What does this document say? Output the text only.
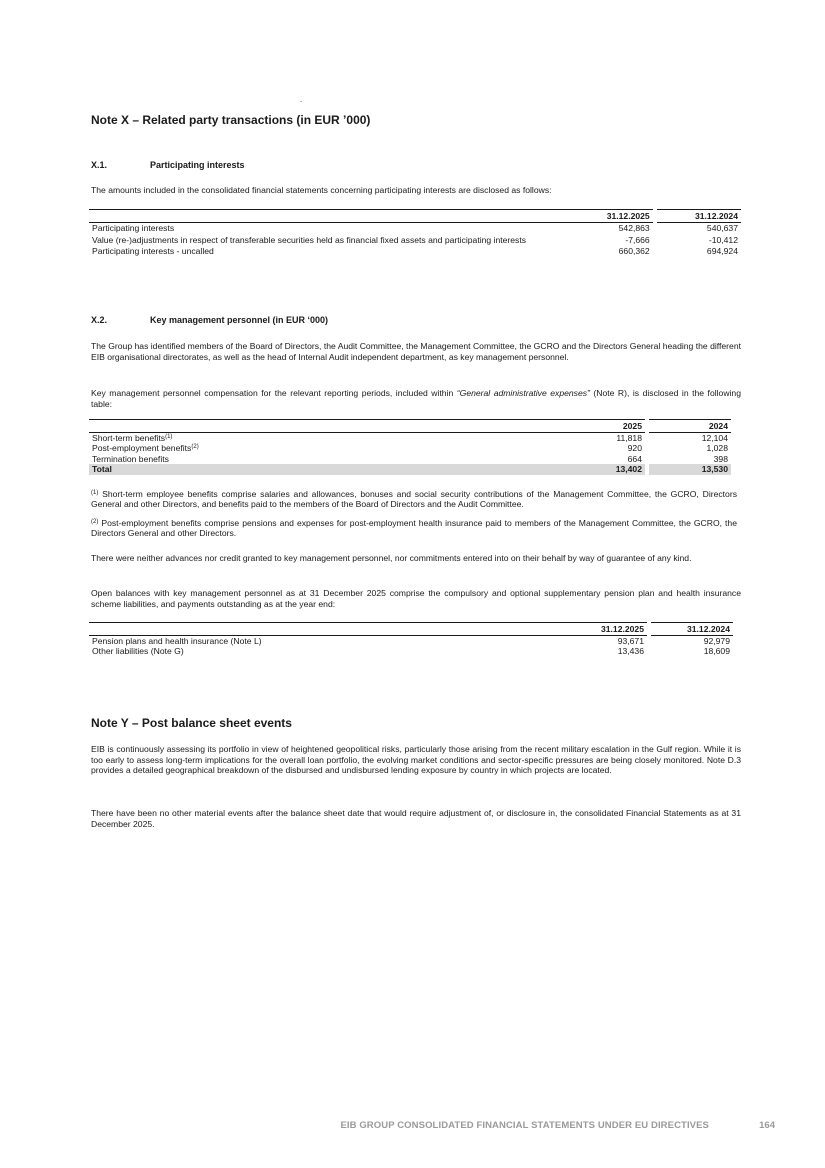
.
Note X – Related party transactions (in EUR ’000)
X.1.	Participating interests
The amounts included in the consolidated financial statements concerning participating interests are disclosed as follows:
	31.12.2025		31.12.2024
Participating interests	542,863		540,637
Value (re-)adjustments in respect of transferable securities held as financial fixed assets and participating interests	-7,666		-10,412
Participating interests - uncalled	660,362		694,924
X.2.	Key management personnel (in EUR ‘000)
The Group has identified members of the Board of Directors, the Audit Committee, the Management Committee, the GCRO and the Directors General heading the different EIB organisational directorates, as well as the head of Internal Audit independent department, as key management personnel.
Key management personnel compensation for the relevant reporting periods, included within “General administrative expenses” (Note R), is disclosed in the following table:
	2025		2024
Short-term benefits$^{(1)}$	11,818		12,104
Post-employment benefits$^{(2)}$	920		1,028
Termination benefits	664		398
Total	13,402		13,530
$^{(1)}$ Short-term employee benefits comprise salaries and allowances, bonuses and social security contributions of the Management Committee, the GCRO, Directors General and other Directors, and benefits paid to the members of the Board of Directors and the Audit Committee.
$^{(2)}$ Post-employment benefits comprise pensions and expenses for post-employment health insurance paid to members of the Management Committee, the GCRO, the Directors General and other Directors.
There were neither advances nor credit granted to key management personnel, nor commitments entered into on their behalf by way of guarantee of any kind.
Open balances with key management personnel as at 31 December 2025 comprise the compulsory and optional supplementary pension plan and health insurance scheme liabilities, and payments outstanding as at the year end:
	31.12.2025		31.12.2024
Pension plans and health insurance (Note L)	93,671		92,979
Other liabilities (Note G)	13,436		18,609
Note Y – Post balance sheet events
EIB is continuously assessing its portfolio in view of heightened geopolitical risks, particularly those arising from the recent military escalation in the Gulf region. While it is too early to assess long-term implications for the overall loan portfolio, the evolving market conditions and sector-specific pressures are being closely monitored. Note D.3 provides a detailed geographical breakdown of the disbursed and undisbursed lending exposure by country in which projects are located.
There have been no other material events after the balance sheet date that would require adjustment of, or disclosure in, the consolidated Financial Statements as at 31 December 2025.
EIB GROUP CONSOLIDATED FINANCIAL STATEMENTS UNDER EU DIRECTIVES	164
